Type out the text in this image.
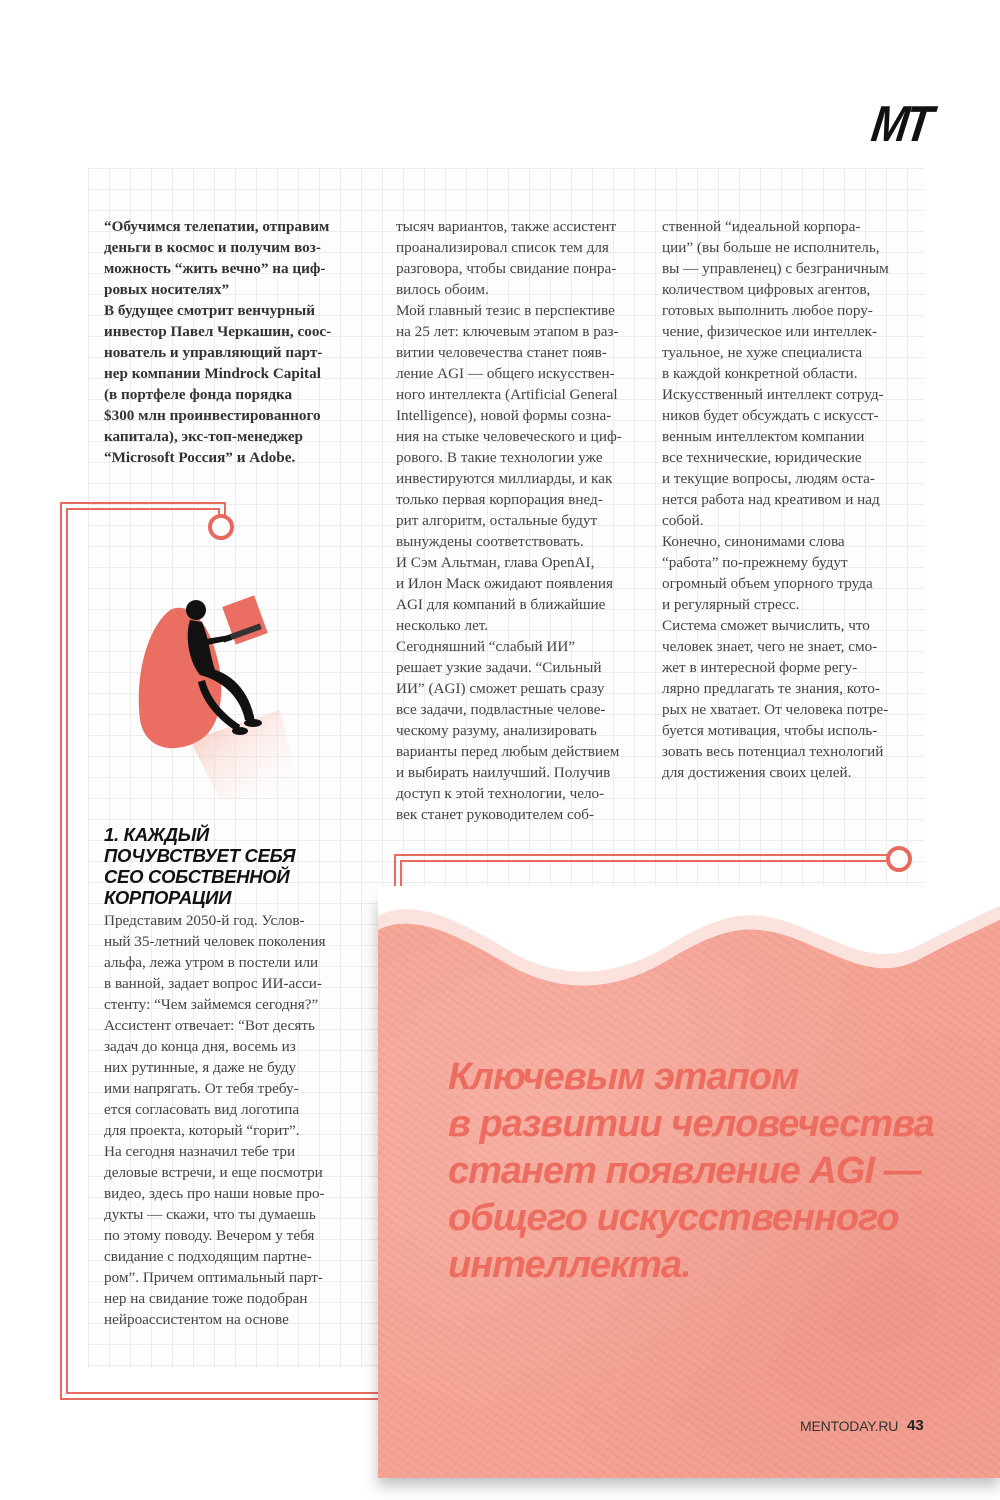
МТ
“Обучимся телепатии, отправим
деньги в космос и получим воз-
можность “жить вечно” на циф-
ровых носителях”
В будущее смотрит венчурный
инвестор Павел Черкашин, соос-
нователь и управляющий парт-
нер компании Mindrock Capital
(в портфеле фонда порядка
$300 млн проинвестированного
капитала), экс-топ-менеджер
“Microsoft Россия” и Adobe.
тысяч вариантов, также ассистент
проанализировал список тем для
разговора, чтобы свидание понра-
вилось обоим.
Мой главный тезис в перспективе
на 25 лет: ключевым этапом в раз-
витии человечества станет появ-
ление AGI — общего искусствен-
ного интеллекта (Artificial General
Intelligence), новой формы созна-
ния на стыке человеческого и циф-
рового. В такие технологии уже
инвестируются миллиарды, и как
только первая корпорация внед-
рит алгоритм, остальные будут
вынуждены соответствовать.
И Сэм Альтман, глава OpenAI,
и Илон Маск ожидают появления
AGI для компаний в ближайшие
несколько лет.
Сегодняшний “слабый ИИ”
решает узкие задачи. “Сильный
ИИ” (AGI) сможет решать сразу
все задачи, подвластные челове-
ческому разуму, анализировать
варианты перед любым действием
и выбирать наилучший. Получив
доступ к этой технологии, чело-
век станет руководителем соб-
ственной “идеальной корпора-
ции” (вы больше не исполнитель,
вы — управленец) с безграничным
количеством цифровых агентов,
готовых выполнить любое пору-
чение, физическое или интеллек-
туальное, не хуже специалиста
в каждой конкретной области.
Искусственный интеллект сотруд-
ников будет обсуждать с искусст-
венным интеллектом компании
все технические, юридические
и текущие вопросы, людям оста-
нется работа над креативом и над
собой.
Конечно, синонимами слова
“работа” по-прежнему будут
огромный объем упорного труда
и регулярный стресс.
Система сможет вычислить, что
человек знает, чего не знает, смо-
жет в интересной форме регу-
лярно предлагать те знания, кото-
рых не хватает. От человека потре-
буется мотивация, чтобы исполь-
зовать весь потенциал технологий
для достижения своих целей.
1. КАЖДЫЙ
ПОЧУВСТВУЕТ СЕБЯ
СЕО СОБСТВЕННОЙ
КОРПОРАЦИИ
Представим 2050-й год. Услов-
ный 35-летний человек поколения
альфа, лежа утром в постели или
в ванной, задает вопрос ИИ-асси-
стенту: “Чем займемся сегодня?”
Ассистент отвечает: “Вот десять
задач до конца дня, восемь из
них рутинные, я даже не буду
ими напрягать. От тебя требу-
ется согласовать вид логотипа
для проекта, который “горит”.
На сегодня назначил тебе три
деловые встречи, и еще посмотри
видео, здесь про наши новые про-
дукты — скажи, что ты думаешь
по этому поводу. Вечером у тебя
свидание с подходящим партне-
ром”. Причем оптимальный парт-
нер на свидание тоже подобран
нейроассистентом на основе
Ключевым этапом
в развитии человечества
станет появление AGI —
общего искусственного
интеллекта.
MENTODAY.RU 43
